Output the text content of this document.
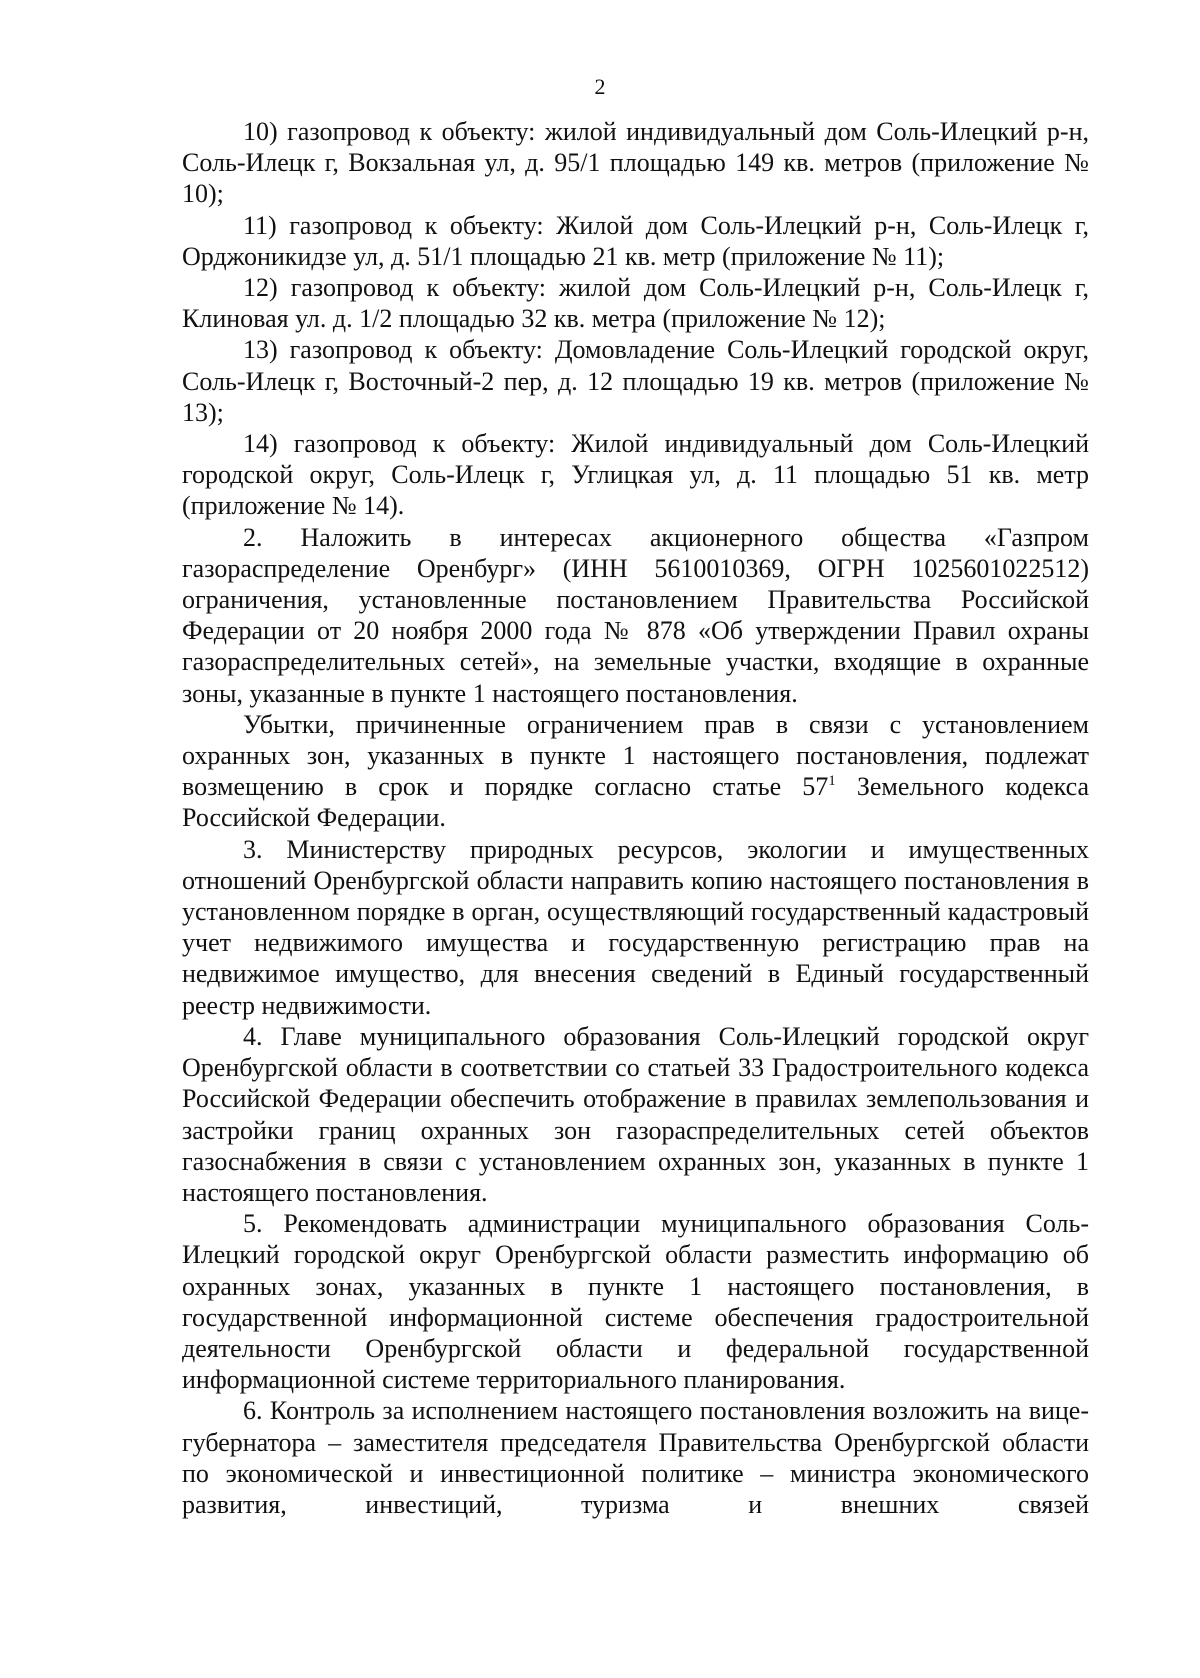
2

10) газопровод к объекту: жилой индивидуальный дом Соль-Илецкий р-н, Соль-Илецк г, Вокзальная ул, д. 95/1 площадью 149 кв. метров (приложение № 10);

11) газопровод к объекту: Жилой дом Соль-Илецкий р-н, Соль-Илецк г, Орджоникидзе ул, д. 51/1 площадью 21 кв. метр (приложение № 11);

12) газопровод к объекту: жилой дом Соль-Илецкий р-н, Соль-Илецк г, Клиновая ул. д. 1/2 площадью 32 кв. метра (приложение № 12);

13) газопровод к объекту: Домовладение Соль-Илецкий городской округ, Соль-Илецк г, Восточный-2 пер, д. 12 площадью 19 кв. метров (приложение № 13);

14) газопровод к объекту: Жилой индивидуальный дом Соль-Илецкий городской округ, Соль-Илецк г, Углицкая ул, д. 11 площадью 51 кв. метр (приложение № 14).

2. Наложить в интересах акционерного общества «Газпром газораспределение Оренбург» (ИНН 5610010369, ОГРН 1025601022512) ограничения, установленные постановлением Правительства Российской Федерации от 20 ноября 2000 года № 878 «Об утверждении Правил охраны газораспределительных сетей», на земельные участки, входящие в охранные зоны, указанные в пункте 1 настоящего постановления.

Убытки, причиненные ограничением прав в связи с установлением охранных зон, указанных в пункте 1 настоящего постановления, подлежат возмещению в срок и порядке согласно статье $57^1$ Земельного кодекса Российской Федерации.

3. Министерству природных ресурсов, экологии и имущественных отношений Оренбургской области направить копию настоящего постановления в установленном порядке в орган, осуществляющий государственный кадастровый учет недвижимого имущества и государственную регистрацию прав на недвижимое имущество, для внесения сведений в Единый государственный реестр недвижимости.

4. Главе муниципального образования Соль-Илецкий городской округ Оренбургской области в соответствии со статьей 33 Градостроительного кодекса Российской Федерации обеспечить отображение в правилах землепользования и застройки границ охранных зон газораспределительных сетей объектов газоснабжения в связи с установлением охранных зон, указанных в пункте 1 настоящего постановления.

5. Рекомендовать администрации муниципального образования Соль-Илецкий городской округ Оренбургской области разместить информацию об охранных зонах, указанных в пункте 1 настоящего постановления, в государственной информационной системе обеспечения градостроительной деятельности Оренбургской области и федеральной государственной информационной системе территориального планирования.

6. Контроль за исполнением настоящего постановления возложить на вице-губернатора – заместителя председателя Правительства Оренбургской области по экономической и инвестиционной политике – министра экономического развития, инвестиций, туризма и внешних связей
